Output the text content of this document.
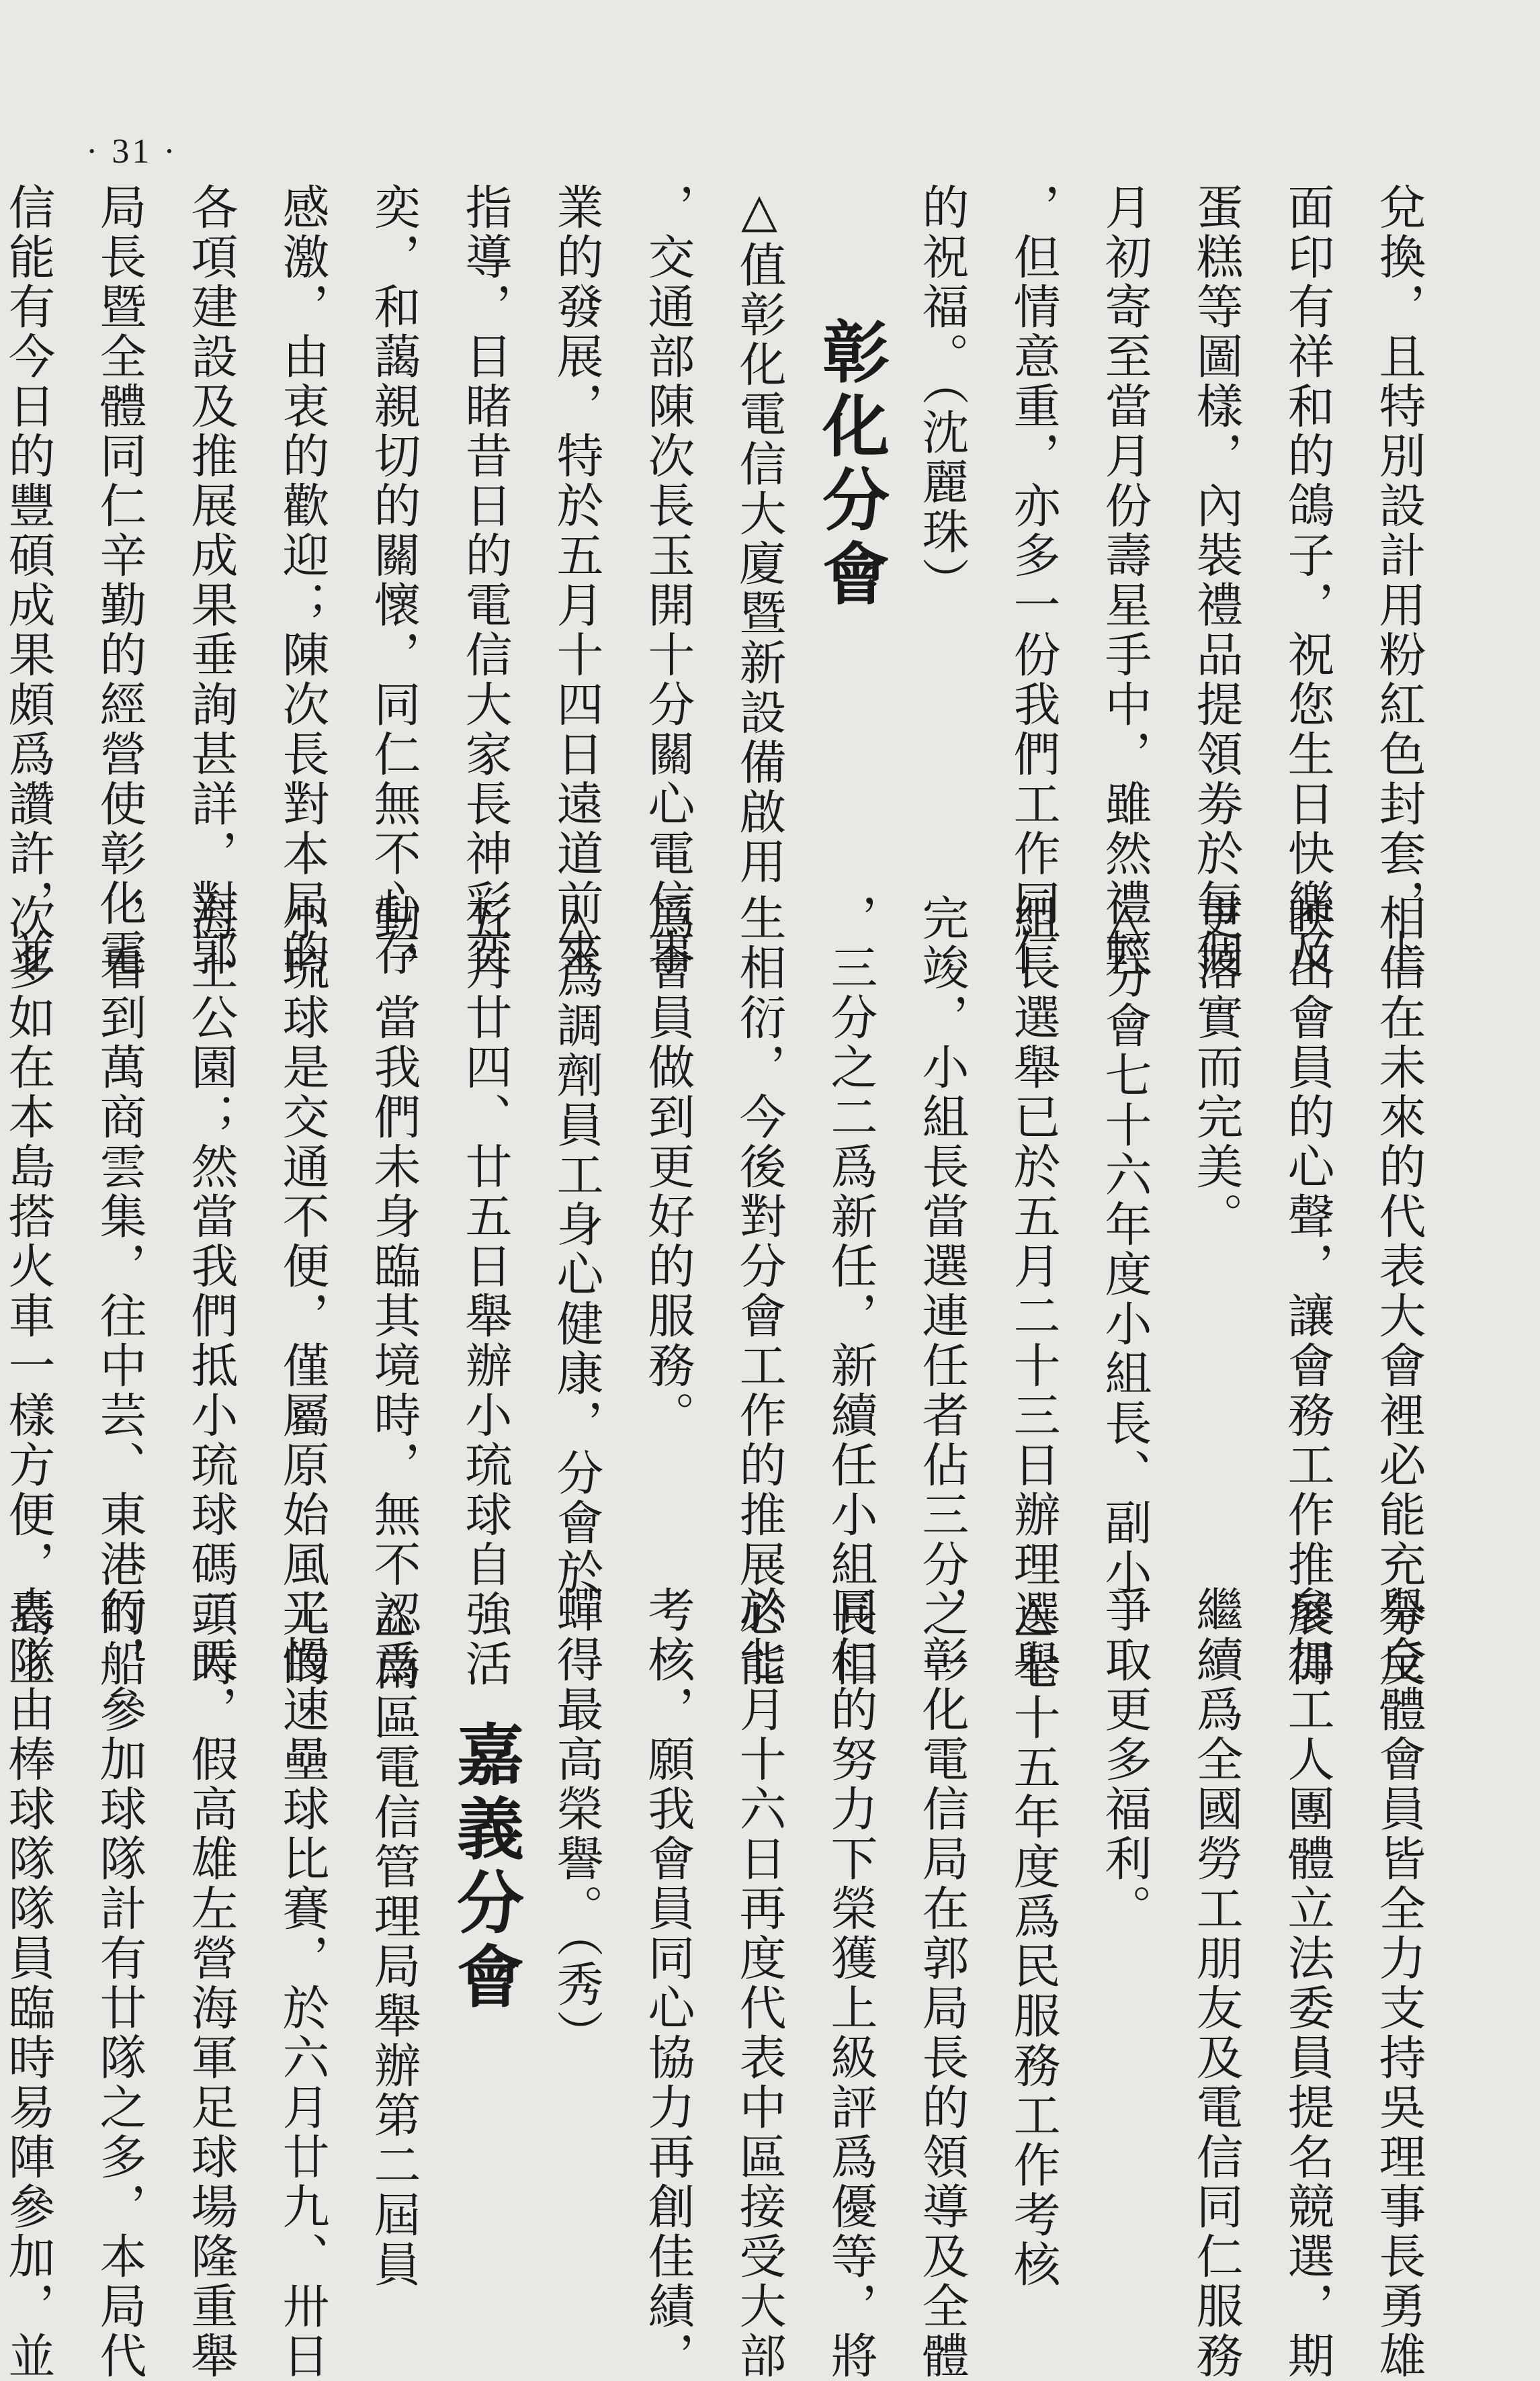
· 31 ·

兌換，且特別設計用粉紅色封套，上

面印有祥和的鴿子，祝您生日快樂及

蛋糕等圖樣，內裝禮品提領劵於每個

月初寄至當月份壽星手中，雖然禮輕

，但情意重，亦多一份我們工作同仁

的祝福。（沈麗珠）

彰化分會

△值彰化電信大廈暨新設備啟用

，交通部陳次長玉開十分關心電信事

業的發展，特於五月十四日遠道前來

指導，目睹昔日的電信大家長神彩奕

奕，和藹親切的關懷，同仁無不心存

感激，由衷的歡迎；陳次長對本局的

各項建設及推展成果垂詢甚詳，對郭

局長暨全體同仁辛勤的經營使彰化電

信能有今日的豐碩成果頗爲讚許，並

相信在未來的代表大會裡必能充分反

映出會員的心聲，讓會務工作推展得

更落實而完美。

△分會七十六年度小組長、副小

組長選舉已於五月二十三日辦理選舉

完竣，小組長當選連任者佔三分之一

，三分之二爲新任，新續任小組長相

生相衍，今後對分會工作的推展必能

爲會員做到更好的服務。

△爲調劑員工身心健康，分會於

五月廿四、廿五日舉辦小琉球自強活

動，當我們未身臨其境時，無不認爲

小琉球是交通不便，僅屬原始風光的

海上公園；然當我們抵小琉球碼頭時

，看到萬商雲集，往中芸、東港的船

次多如在本島搭火車一樣方便，島上

舉全體會員皆全力支持吳理事長勇雄

參加工人團體立法委員提名競選，期

繼續爲全國勞工朋友及電信同仁服務

爭取更多福利。

△七十五年度爲民服務工作考核

，彰化電信局在郭局長的領導及全體

同仁的努力下榮獲上級評爲優等，將

於七月十六日再度代表中區接受大部

考核，願我會員同心協力再創佳績，

蟬得最高榮譽。（秀）

嘉義分會

△南區電信管理局舉辦第二屆員

工慢速壘球比賽，於六月廿九、卅日

二天，假高雄左營海軍足球場隆重舉

行，參加球隊計有廿隊之多，本局代

表隊由棒球隊隊員臨時易陣參加，並
